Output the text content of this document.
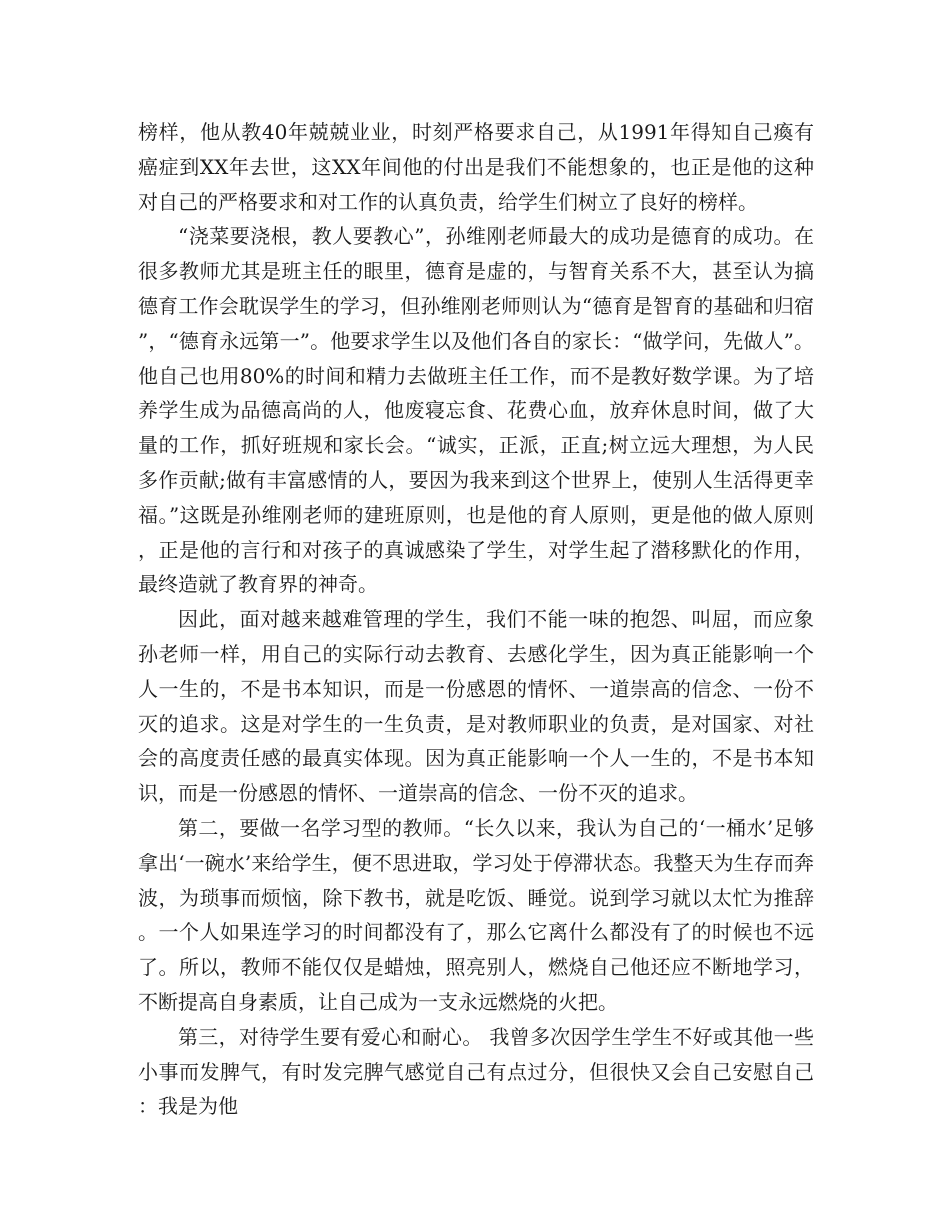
榜样，他从教40年兢兢业业，时刻严格要求自己，从1991年得知自己瘓有癌症到XX年去世，这XX年间他的付出是我们不能想象的，也正是他的这种对自己的严格要求和对工作的认真负责，给学生们树立了良好的榜样。

“浇菜要浇根，教人要教心”，孙维刚老师最大的成功是德育的成功。在很多教师尤其是班主任的眼里，德育是虚的，与智育关系不大，甚至认为搞德育工作会耽误学生的学习，但孙维刚老师则认为“德育是智育的基础和归宿”，“德育永远第一”。他要求学生以及他们各自的家长：“做学问，先做人”。他自己也用80%的时间和精力去做班主任工作，而不是教好数学课。为了培养学生成为品德高尚的人，他废寝忘食、花费心血，放弃休息时间，做了大量的工作，抓好班规和家长会。“诚实，正派，正直;树立远大理想，为人民多作贡献;做有丰富感情的人，要因为我来到这个世界上，使别人生活得更幸福。”这既是孙维刚老师的建班原则，也是他的育人原则，更是他的做人原则，正是他的言行和对孩子的真诚感染了学生，对学生起了潜移默化的作用，最终造就了教育界的神奇。

因此，面对越来越难管理的学生，我们不能一味的抱怨、叫屈，而应象孙老师一样，用自己的实际行动去教育、去感化学生，因为真正能影响一个人一生的，不是书本知识，而是一份感恩的情怀、一道崇高的信念、一份不灭的追求。这是对学生的一生负责，是对教师职业的负责，是对国家、对社会的高度责任感的最真实体现。因为真正能影响一个人一生的，不是书本知识，而是一份感恩的情怀、一道崇高的信念、一份不灭的追求。

第二，要做一名学习型的教师。“长久以来，我认为自己的‘一桶水’足够拿出‘一碗水’来给学生，便不思进取，学习处于停滞状态。我整天为生存而奔波，为琐事而烦恼，除下教书，就是吃饭、睡觉。说到学习就以太忙为推辞。一个人如果连学习的时间都没有了，那么它离什么都没有了的时候也不远了。所以，教师不能仅仅是蜡烛，照亮别人，燃烧自己他还应不断地学习，不断提高自身素质，让自己成为一支永远燃烧的火把。

第三，对待学生要有爱心和耐心。 我曾多次因学生学生不好或其他一些小事而发脾气，有时发完脾气感觉自己有点过分，但很快又会自己安慰自己：我是为他
